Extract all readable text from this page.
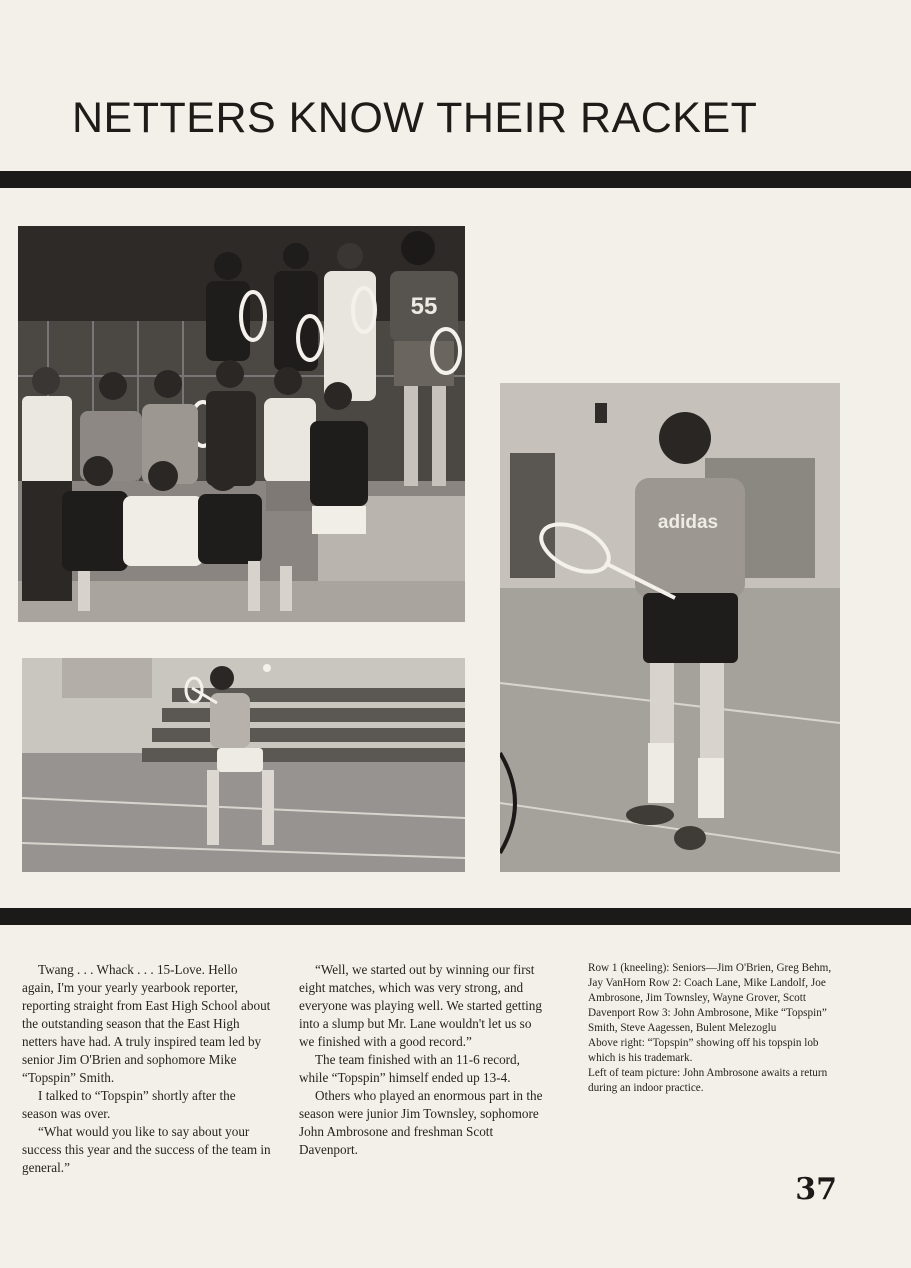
NETTERS KNOW THEIR RACKET
55
adidas

Twang . . . Whack . . . 15-Love. Hello again, I'm your yearly yearbook reporter, reporting straight from East High School about the outstanding season that the East High netters have had. A truly inspired team led by senior Jim O'Brien and sophomore Mike “Topspin” Smith.

I talked to “Topspin” shortly after the season was over.

“What would you like to say about your success this year and the success of the team in general.”

“Well, we started out by winning our first eight matches, which was very strong, and everyone was playing well. We started getting into a slump but Mr. Lane wouldn't let us so we finished with a good record.”

The team finished with an 11-6 record, while “Topspin” himself ended up 13-4.

Others who played an enormous part in the season were junior Jim Townsley, sophomore John Ambrosone and freshman Scott Davenport.

Row 1 (kneeling): Seniors—Jim O'Brien, Greg Behm, Jay VanHorn Row 2: Coach Lane, Mike Landolf, Joe Ambrosone, Jim Townsley, Wayne Grover, Scott Davenport Row 3: John Ambrosone, Mike “Topspin” Smith, Steve Aagessen, Bulent Melezoglu

Above right: “Topspin” showing off his topspin lob which is his trademark.

Left of team picture: John Ambrosone awaits a return during an indoor practice.

37
